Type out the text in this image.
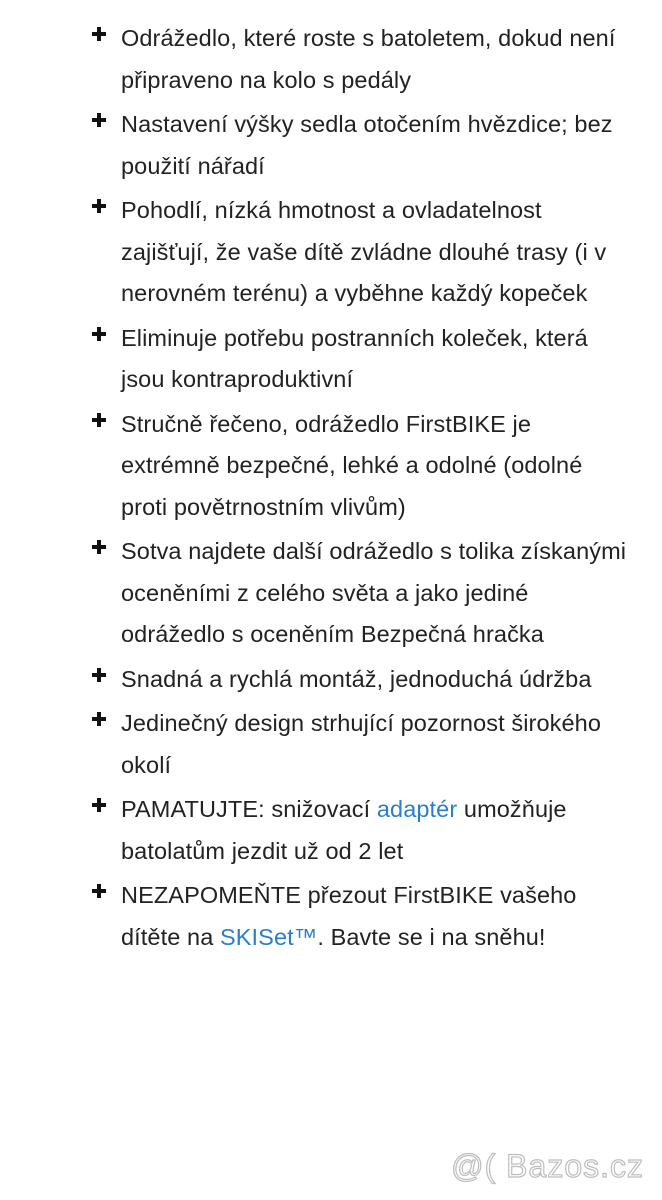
Odrážedlo, které roste s batoletem, dokud není připraveno na kolo s pedály
Nastavení výšky sedla otočením hvězdice; bez použití nářadí
Pohodlí, nízká hmotnost a ovladatelnost zajišťují, že vaše dítě zvládne dlouhé trasy (i v nerovném terénu) a vyběhne každý kopeček
Eliminuje potřebu postranních koleček, která jsou kontraproduktivní
Stručně řečeno, odrážedlo FirstBIKE je extrémně bezpečné, lehké a odolné (odolné proti povětrnostním vlivům)
Sotva najdete další odrážedlo s tolika získanými oceněními z celého světa a jako jediné odrážedlo s oceněním Bezpečná hračka
Snadná a rychlá montáž, jednoduchá údržba
Jedinečný design strhující pozornost širokého okolí
PAMATUJTE: snižovací adaptér umožňuje batolatům jezdit už od 2 let
NEZAPOMEŇTE přezout FirstBIKE vašeho dítěte na SKISet™. Bavte se i na sněhu!
@( Bazos.cz
